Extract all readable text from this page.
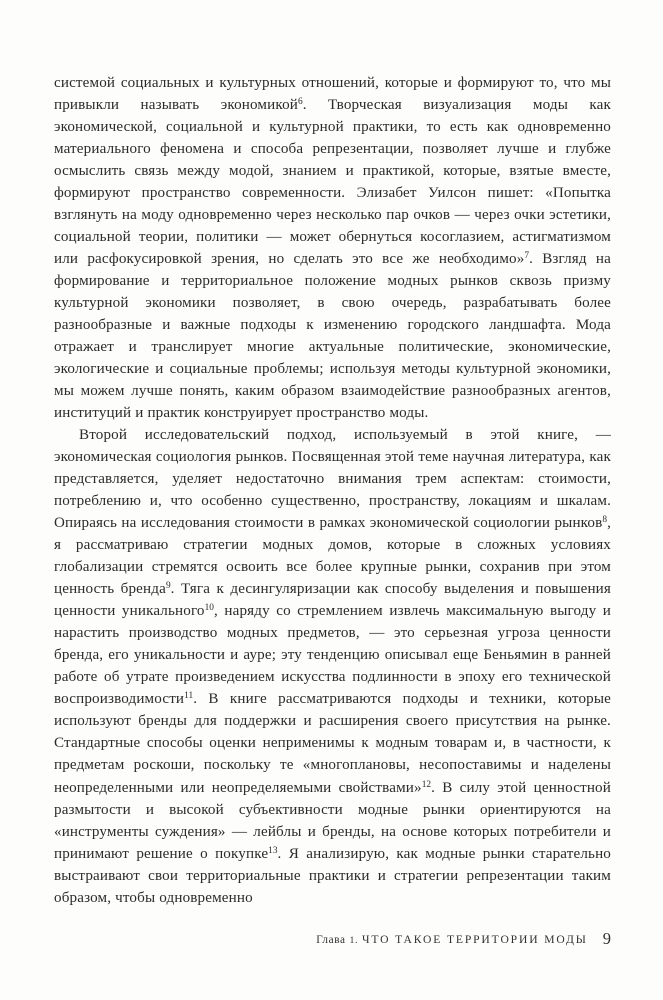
системой социальных и культурных отношений, которые и формируют то, что мы привыкли называть экономикой$^6$. Творческая визуализация моды как экономической, социальной и культурной практики, то есть как одновременно материального феномена и способа репрезентации, позволяет лучше и глубже осмыслить связь между модой, знанием и практикой, которые, взятые вместе, формируют пространство современности. Элизабет Уилсон пишет: «Попытка взглянуть на моду одновременно через несколько пар очков — через очки эстетики, социальной теории, политики — может обернуться косоглазием, астигматизмом или расфокусировкой зрения, но сделать это все же необходимо»$^7$. Взгляд на формирование и территориальное положение модных рынков сквозь призму культурной экономики позволяет, в свою очередь, разрабатывать более разнообразные и важные подходы к изменению городского ландшафта. Мода отражает и транслирует многие актуальные политические, экономические, экологические и социальные проблемы; используя методы культурной экономики, мы можем лучше понять, каким образом взаимодействие разнообразных агентов, институций и практик конструирует пространство моды.

Второй исследовательский подход, используемый в этой книге, — экономическая социология рынков. Посвященная этой теме научная литература, как представляется, уделяет недостаточно внимания трем аспектам: стоимости, потреблению и, что особенно существенно, пространству, локациям и шкалам. Опираясь на исследования стоимости в рамках экономической социологии рынков$^8$, я рассматриваю стратегии модных домов, которые в сложных условиях глобализации стремятся освоить все более крупные рынки, сохранив при этом ценность бренда$^9$. Тяга к десингуляризации как способу выделения и повышения ценности уникального$^{10}$, наряду со стремлением извлечь максимальную выгоду и нарастить производство модных предметов, — это серьезная угроза ценности бренда, его уникальности и ауре; эту тенденцию описывал еще Беньямин в ранней работе об утрате произведением искусства подлинности в эпоху его технической воспроизводимости$^{11}$. В книге рассматриваются подходы и техники, которые используют бренды для поддержки и расширения своего присутствия на рынке. Стандартные способы оценки неприменимы к модным товарам и, в частности, к предметам роскоши, поскольку те «многоплановы, несопоставимы и наделены неопределенными или неопределяемыми свойствами»$^{12}$. В силу этой ценностной размытости и высокой субъективности модные рынки ориентируются на «инструменты суждения» — лейблы и бренды, на основе которых потребители и принимают решение о покупке$^{13}$. Я анализирую, как модные рынки старательно выстраивают свои территориальные практики и стратегии репрезентации таким образом, чтобы одновременно

Глава 1. ЧТО ТАКОЕ ТЕРРИТОРИИ МОДЫ 9
